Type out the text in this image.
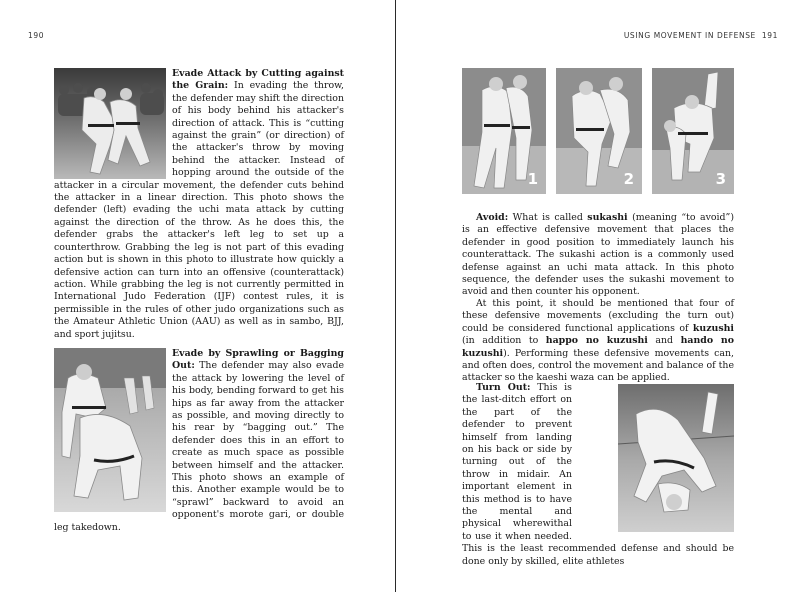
190

Evade Attack by Cutting against the Grain: In evading the throw, the defender may shift the direction of his body behind his attacker's direction of attack. This is “cutting against the grain” (or direction) of the attacker's throw by moving behind the attacker. Instead of hopping around the outside of the attacker in a circular movement, the defender cuts behind the attacker in a linear direction. This photo shows the defender (left) evading the uchi mata attack by cutting against the direction of the throw. As he does this, the defender grabs the attacker's left leg to set up a counterthrow. Grabbing the leg is not part of this evading action but is shown in this photo to illustrate how quickly a defensive action can turn into an offensive (counterattack) action. While grabbing the leg is not currently permitted in International Judo Federation (IJF) contest rules, it is permissible in the rules of other judo organizations such as the Amateur Athletic Union (AAU) as well as in sambo, BJJ, and sport jujitsu.

Evade by Sprawling or Bagging Out: The defender may also evade the attack by lowering the level of his body, bending forward to get his hips as far away from the attacker as possible, and moving directly to his rear by “bagging out.” The defender does this in an effort to create as much space as possible between himself and the attacker. This photo shows an example of this. Another example would be to “sprawl” backward to avoid an opponent's morote gari, or double leg takedown.

USING MOVEMENT IN DEFENSE 191
1	2	3

Avoid: What is called sukashi (meaning “to avoid”) is an effective defensive movement that places the defender in good position to immediately launch his counterattack. The sukashi action is a commonly used defense against an uchi mata attack. In this photo sequence, the defender uses the sukashi movement to avoid and then counter his opponent.

At this point, it should be mentioned that four of these defensive movements (excluding the turn out) could be considered functional applications of kuzushi (in addition to happo no kuzushi and hando no kuzushi). Performing these defensive movements can, and often does, control the movement and balance of the attacker so the kaeshi waza can be applied.

Turn Out: This is the last-ditch effort on the part of the defender to prevent himself from landing on his back or side by turning out of the throw in midair. An important element in this method is to have the mental and physical wherewithal to use it when needed. This is the least recommended defense and should be done only by skilled, elite athletes
